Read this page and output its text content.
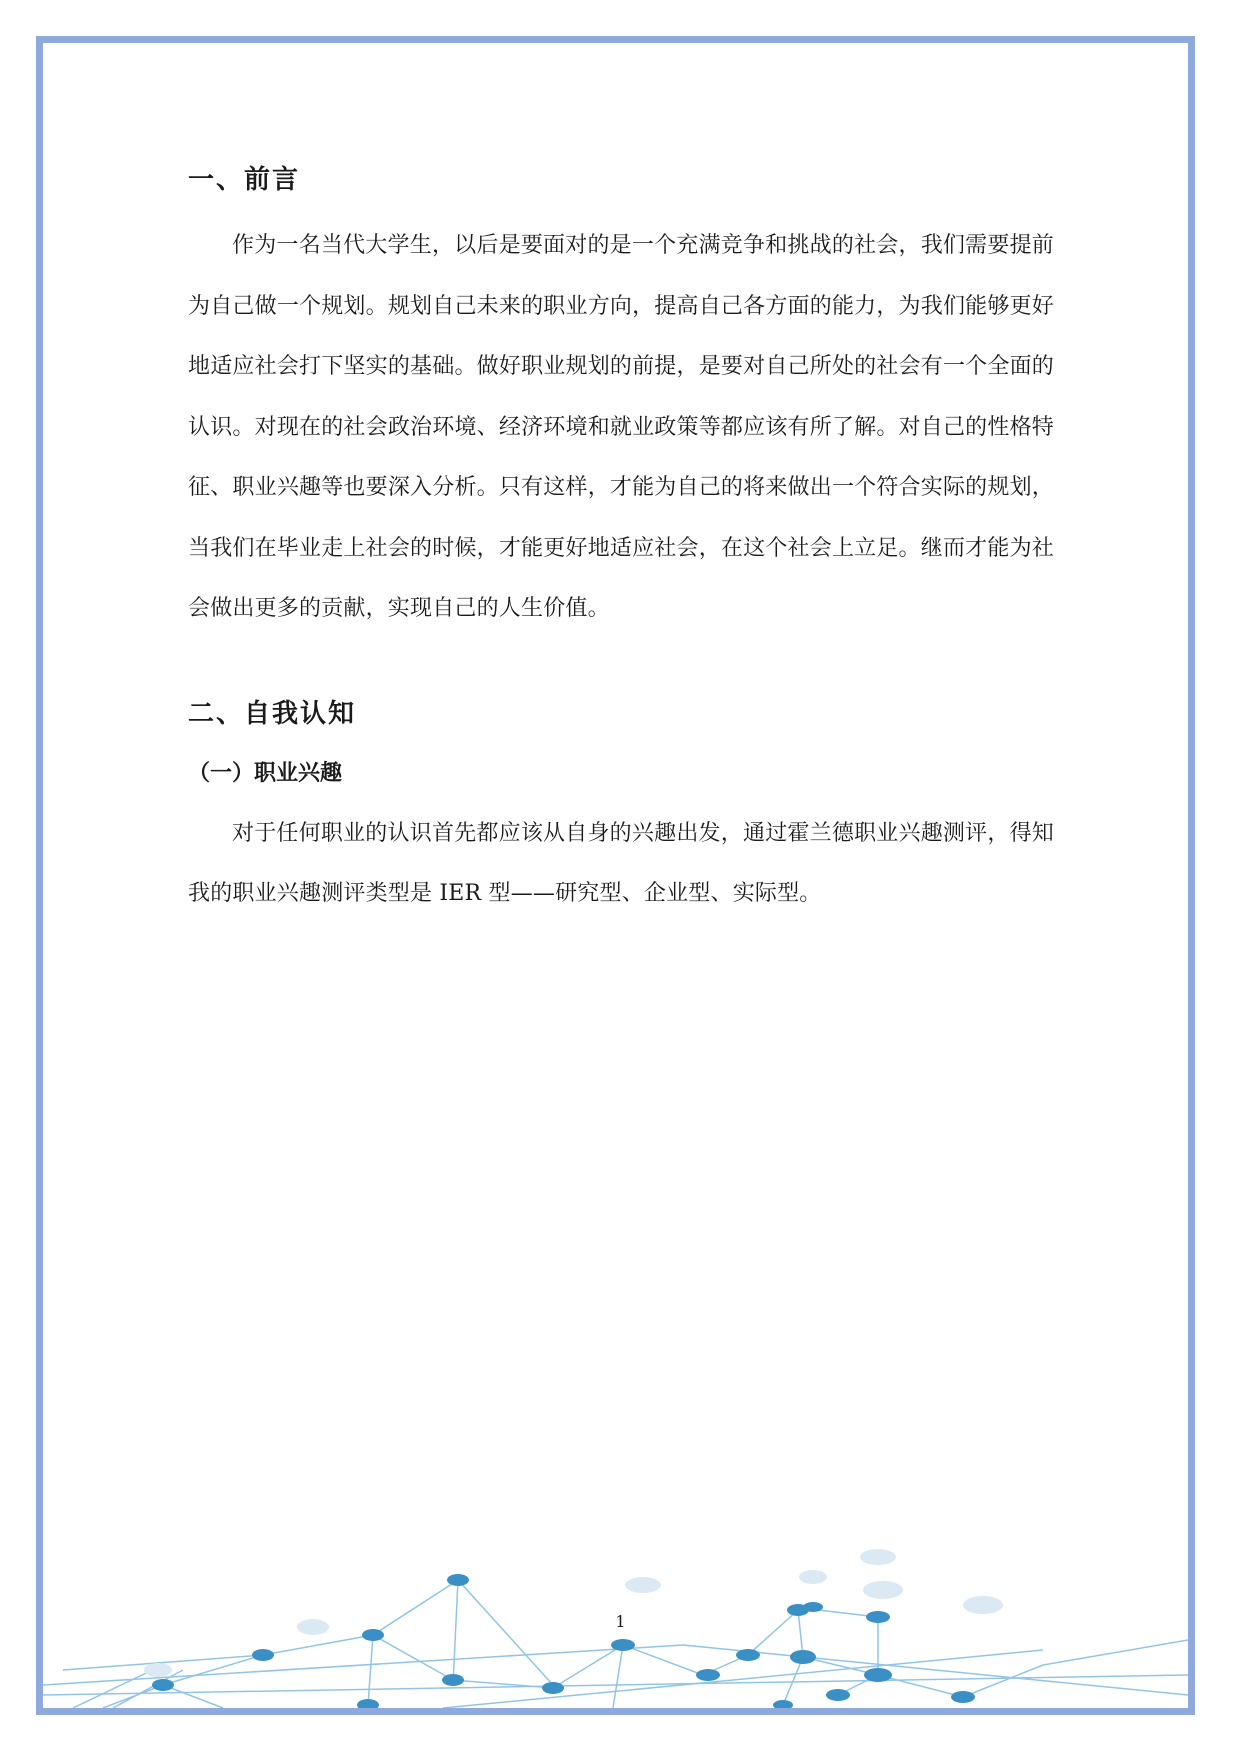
一、前言

作为一名当代大学生，以后是要面对的是一个充满竞争和挑战的社会，我们需要提前为自己做一个规划。规划自己未来的职业方向，提高自己各方面的能力，为我们能够更好地适应社会打下坚实的基础。做好职业规划的前提，是要对自己所处的社会有一个全面的认识。对现在的社会政治环境、经济环境和就业政策等都应该有所了解。对自己的性格特征、职业兴趣等也要深入分析。只有这样，才能为自己的将来做出一个符合实际的规划，当我们在毕业走上社会的时候，才能更好地适应社会，在这个社会上立足。继而才能为社会做出更多的贡献，实现自己的人生价值。

二、自我认知
（一）职业兴趣

对于任何职业的认识首先都应该从自身的兴趣出发，通过霍兰德职业兴趣测评，得知我的职业兴趣测评类型是 IER 型——研究型、企业型、实际型。

1
